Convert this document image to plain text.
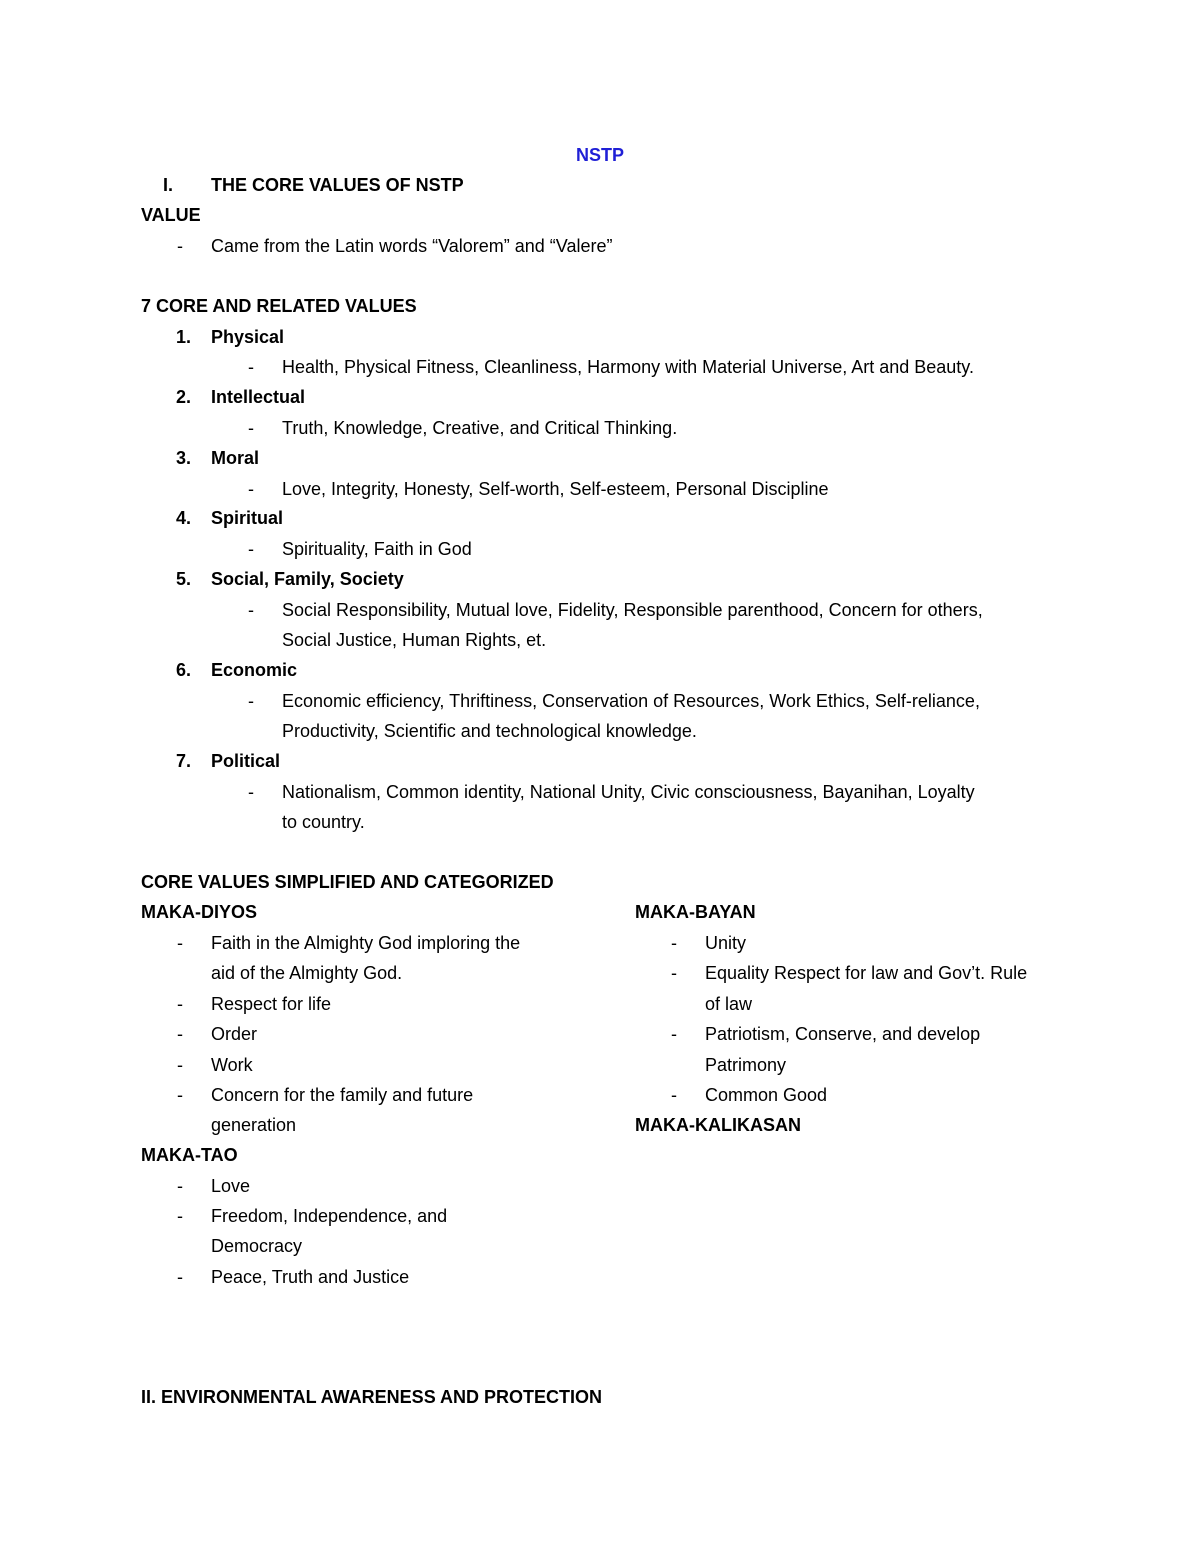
NSTP
I. THE CORE VALUES OF NSTP
VALUE
- Came from the Latin words “Valorem” and “Valere”
7 CORE AND RELATED VALUES
1. Physical
- Health, Physical Fitness, Cleanliness, Harmony with Material Universe, Art and Beauty.
2. Intellectual
- Truth, Knowledge, Creative, and Critical Thinking.
3. Moral
- Love, Integrity, Honesty, Self-worth, Self-esteem, Personal Discipline
4. Spiritual
- Spirituality, Faith in God
5. Social, Family, Society
- Social Responsibility, Mutual love, Fidelity, Responsible parenthood, Concern for others,
Social Justice, Human Rights, et.
6. Economic
- Economic efficiency, Thriftiness, Conservation of Resources, Work Ethics, Self-reliance,
Productivity, Scientific and technological knowledge.
7. Political
- Nationalism, Common identity, National Unity, Civic consciousness, Bayanihan, Loyalty
to country.
CORE VALUES SIMPLIFIED AND CATEGORIZED
MAKA-DIYOS
- Faith in the Almighty God imploring the
aid of the Almighty God.
- Respect for life
- Order
- Work
- Concern for the family and future
generation
MAKA-TAO
- Love
- Freedom, Independence, and
Democracy
- Peace, Truth and Justice
MAKA-BAYAN
- Unity
- Equality Respect for law and Gov’t. Rule
of law
- Patriotism, Conserve, and develop
Patrimony
- Common Good
MAKA-KALIKASAN
II. ENVIRONMENTAL AWARENESS AND PROTECTION
